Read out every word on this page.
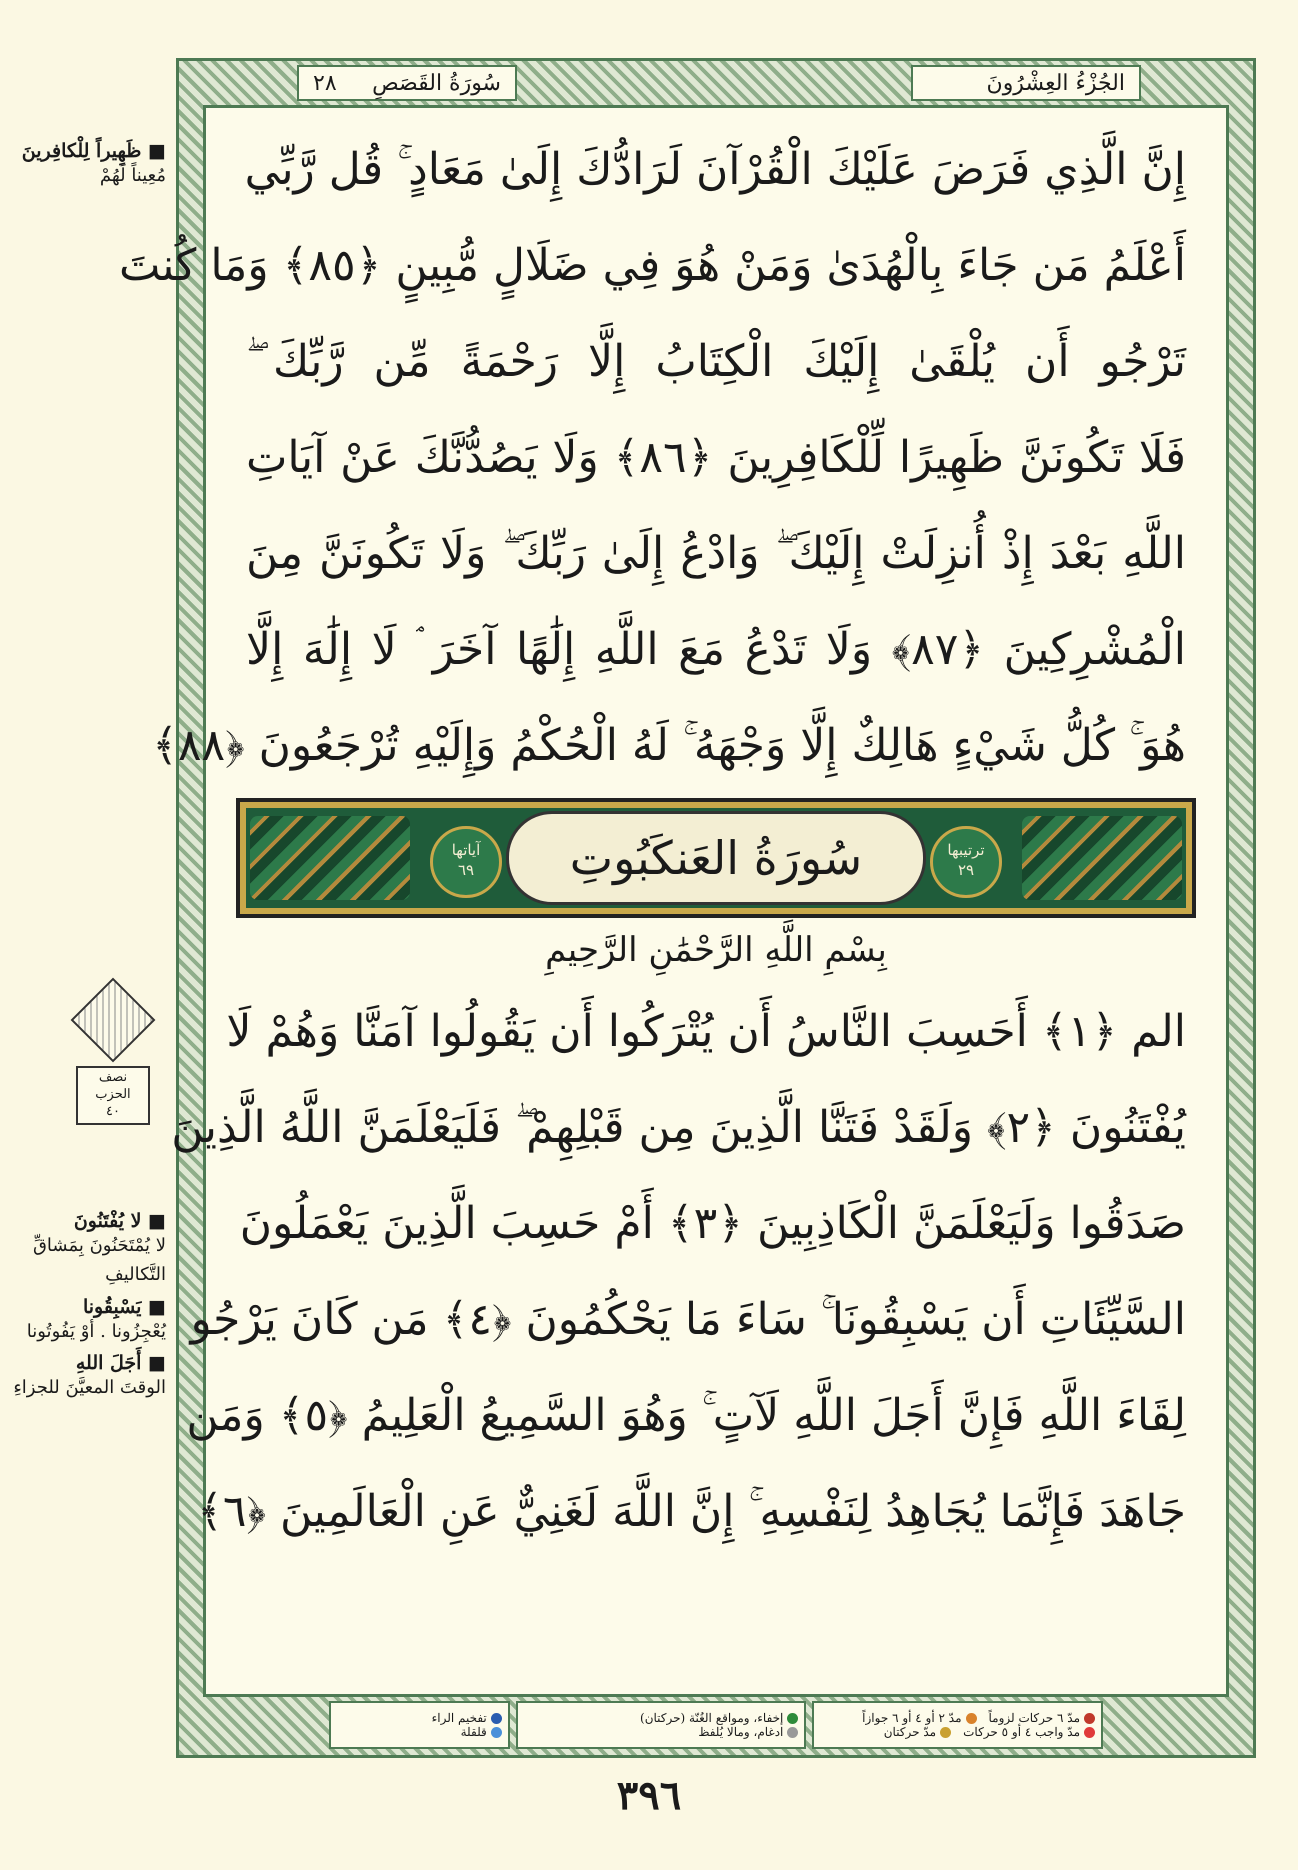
■ ظَهِيراً لِلْكافِرينَ
مُعِيناً لَهُمْ
نصف
الحزب
٤٠
■ لا يُفْتَنُونَ
لا يُمْتَحَنُونَ بِمَشاقِّ التَّكاليفِ
■ يَسْبِقُونا
يُعْجِزُونا . أوْ يَفُوتُونا
■ أَجَلَ اللهِ
الوقتَ المعيَّنَ للجزاءِ
سُورَةُ القَصَصِ
٢٨	الجُزْءُ العِشْرُونَ
إِنَّ الَّذِي فَرَضَ عَلَيْكَ الْقُرْآنَ لَرَادُّكَ إِلَىٰ مَعَادٍ ۚ قُل رَّبِّي
أَعْلَمُ مَن جَاءَ بِالْهُدَىٰ وَمَنْ هُوَ فِي ضَلَالٍ مُّبِينٍ ﴿٨٥﴾ وَمَا كُنتَ
تَرْجُو أَن يُلْقَىٰ إِلَيْكَ الْكِتَابُ إِلَّا رَحْمَةً مِّن رَّبِّكَ ۖ
فَلَا تَكُونَنَّ ظَهِيرًا لِّلْكَافِرِينَ ﴿٨٦﴾ وَلَا يَصُدُّنَّكَ عَنْ آيَاتِ
اللَّهِ بَعْدَ إِذْ أُنزِلَتْ إِلَيْكَ ۖ وَادْعُ إِلَىٰ رَبِّكَ ۖ وَلَا تَكُونَنَّ مِنَ
الْمُشْرِكِينَ ﴿٨٧﴾ وَلَا تَدْعُ مَعَ اللَّهِ إِلَٰهًا آخَرَ ۘ لَا إِلَٰهَ إِلَّا
هُوَ ۚ كُلُّ شَيْءٍ هَالِكٌ إِلَّا وَجْهَهُ ۚ لَهُ الْحُكْمُ وَإِلَيْهِ تُرْجَعُونَ ﴿٨٨﴾
آياتها
٦٩
ترتيبها
٢٩
سُورَةُ العَنكَبُوتِ
بِسْمِ اللَّهِ الرَّحْمَٰنِ الرَّحِيمِ
الم ﴿١﴾ أَحَسِبَ النَّاسُ أَن يُتْرَكُوا أَن يَقُولُوا آمَنَّا وَهُمْ لَا
يُفْتَنُونَ ﴿٢﴾ وَلَقَدْ فَتَنَّا الَّذِينَ مِن قَبْلِهِمْ ۖ فَلَيَعْلَمَنَّ اللَّهُ الَّذِينَ
صَدَقُوا وَلَيَعْلَمَنَّ الْكَاذِبِينَ ﴿٣﴾ أَمْ حَسِبَ الَّذِينَ يَعْمَلُونَ
السَّيِّئَاتِ أَن يَسْبِقُونَا ۚ سَاءَ مَا يَحْكُمُونَ ﴿٤﴾ مَن كَانَ يَرْجُو
لِقَاءَ اللَّهِ فَإِنَّ أَجَلَ اللَّهِ لَآتٍ ۚ وَهُوَ السَّمِيعُ الْعَلِيمُ ﴿٥﴾ وَمَن
جَاهَدَ فَإِنَّمَا يُجَاهِدُ لِنَفْسِهِ ۚ إِنَّ اللَّهَ لَغَنِيٌّ عَنِ الْعَالَمِينَ ﴿٦﴾
مدّ ٦ حركات لزوماً
مدّ ٢ أو ٤ أو ٦ جوازاً
مدّ واجب ٤ أو ٥ حركات
مدّ حركتان
إخفاء، ومواقع الغُنّة (حركتان)
ادغام، ومالا يُلفظ
تفخيم الراء
قلقلة
٣٩٦
